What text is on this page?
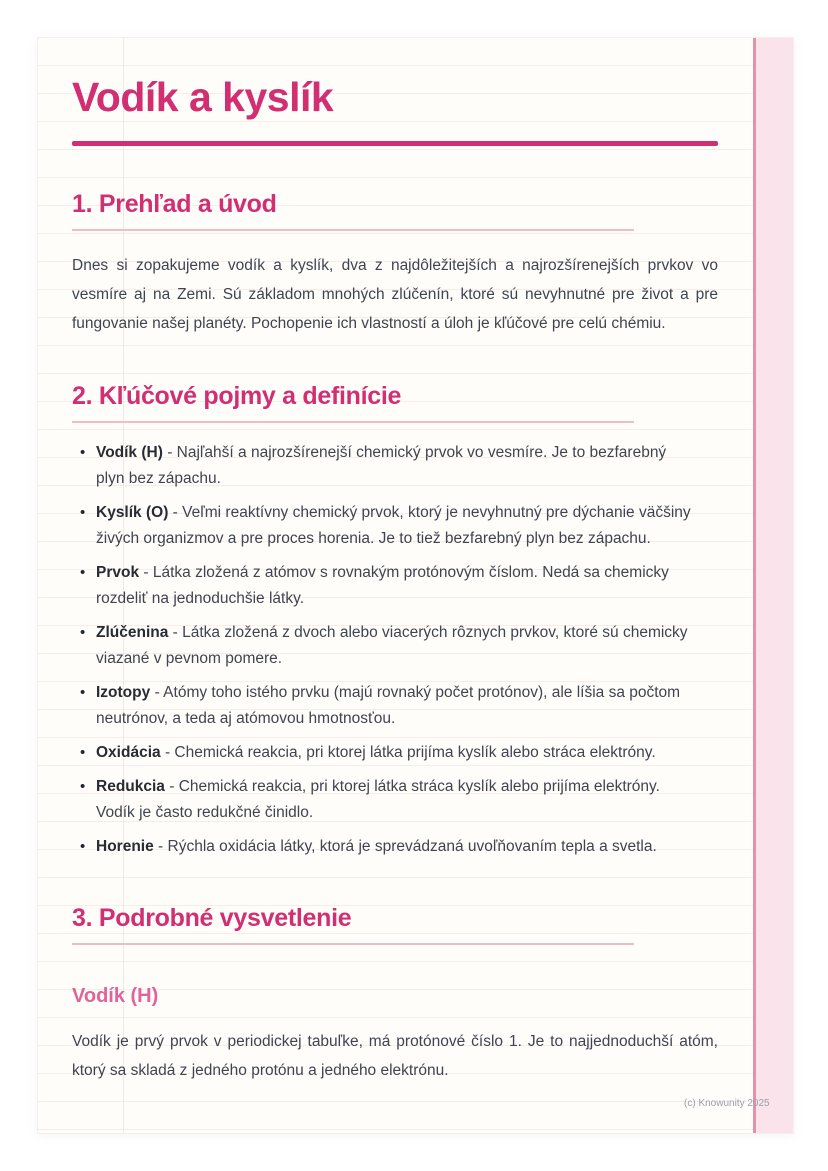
Vodík a kyslík
1. Prehľad a úvod

Dnes si zopakujeme vodík a kyslík, dva z najdôležitejších a najrozšírenejších prvkov vo vesmíre aj na Zemi. Sú základom mnohých zlúčenín, ktoré sú nevyhnutné pre život a pre fungovanie našej planéty. Pochopenie ich vlastností a úloh je kľúčové pre celú chémiu.

2. Kľúčové pojmy a definície
• Vodík (H) - Najľahší a najrozšírenejší chemický prvok vo vesmíre. Je to bezfarebný plyn bez zápachu.
• Kyslík (O) - Veľmi reaktívny chemický prvok, ktorý je nevyhnutný pre dýchanie väčšiny živých organizmov a pre proces horenia. Je to tiež bezfarebný plyn bez zápachu.
• Prvok - Látka zložená z atómov s rovnakým protónovým číslom. Nedá sa chemicky rozdeliť na jednoduchšie látky.
• Zlúčenina - Látka zložená z dvoch alebo viacerých rôznych prvkov, ktoré sú chemicky viazané v pevnom pomere.
• Izotopy - Atómy toho istého prvku (majú rovnaký počet protónov), ale líšia sa počtom neutrónov, a teda aj atómovou hmotnosťou.
• Oxidácia - Chemická reakcia, pri ktorej látka prijíma kyslík alebo stráca elektróny.
• Redukcia - Chemická reakcia, pri ktorej látka stráca kyslík alebo prijíma elektróny. Vodík je často redukčné činidlo.
• Horenie - Rýchla oxidácia látky, ktorá je sprevádzaná uvoľňovaním tepla a svetla.
3. Podrobné vysvetlenie
Vodík (H)

Vodík je prvý prvok v periodickej tabuľke, má protónové číslo 1. Je to najjednoduchší atóm, ktorý sa skladá z jedného protónu a jedného elektrónu.

(c) Knowunity 2025
